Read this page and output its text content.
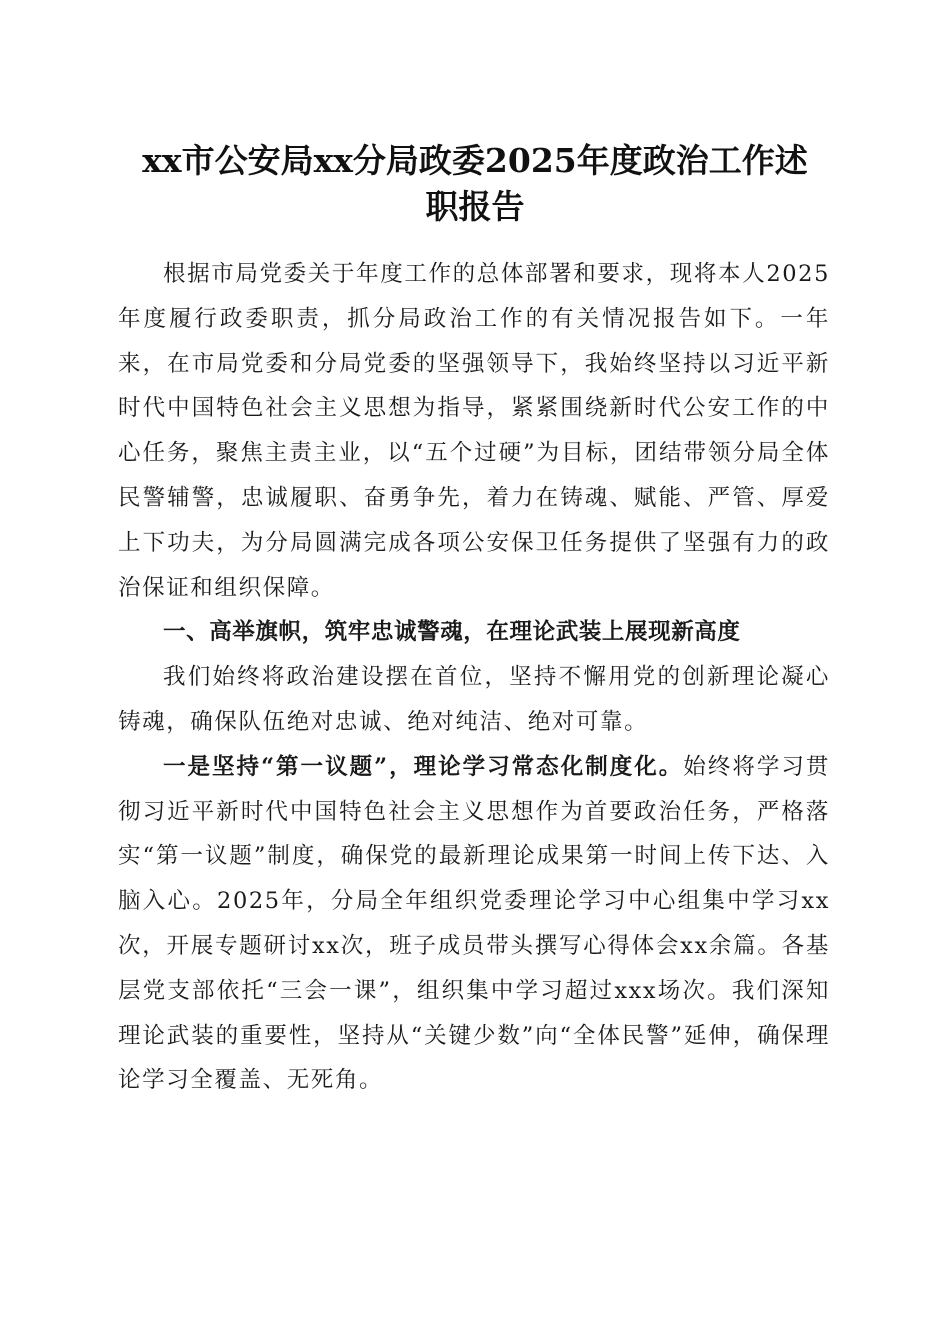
xx市公安局xx分局政委2025年度政治工作述
职报告

根据市局党委关于年度工作的总体部署和要求，现将本人2025年度履行政委职责，抓分局政治工作的有关情况报告如下。一年来，在市局党委和分局党委的坚强领导下，我始终坚持以习近平新时代中国特色社会主义思想为指导，紧紧围绕新时代公安工作的中心任务，聚焦主责主业，以“五个过硬”为目标，团结带领分局全体民警辅警，忠诚履职、奋勇争先，着力在铸魂、赋能、严管、厚爱上下功夫，为分局圆满完成各项公安保卫任务提供了坚强有力的政治保证和组织保障。

一、高举旗帜，筑牢忠诚警魂，在理论武装上展现新高度

我们始终将政治建设摆在首位，坚持不懈用党的创新理论凝心铸魂，确保队伍绝对忠诚、绝对纯洁、绝对可靠。

一是坚持“第一议题”，理论学习常态化制度化。始终将学习贯彻习近平新时代中国特色社会主义思想作为首要政治任务，严格落实“第一议题”制度，确保党的最新理论成果第一时间上传下达、入脑入心。2025年，分局全年组织党委理论学习中心组集中学习xx次，开展专题研讨xx次，班子成员带头撰写心得体会xx余篇。各基层党支部依托“三会一课”，组织集中学习超过xxx场次。我们深知理论武装的重要性，坚持从“关键少数”向“全体民警”延伸，确保理论学习全覆盖、无死角。
